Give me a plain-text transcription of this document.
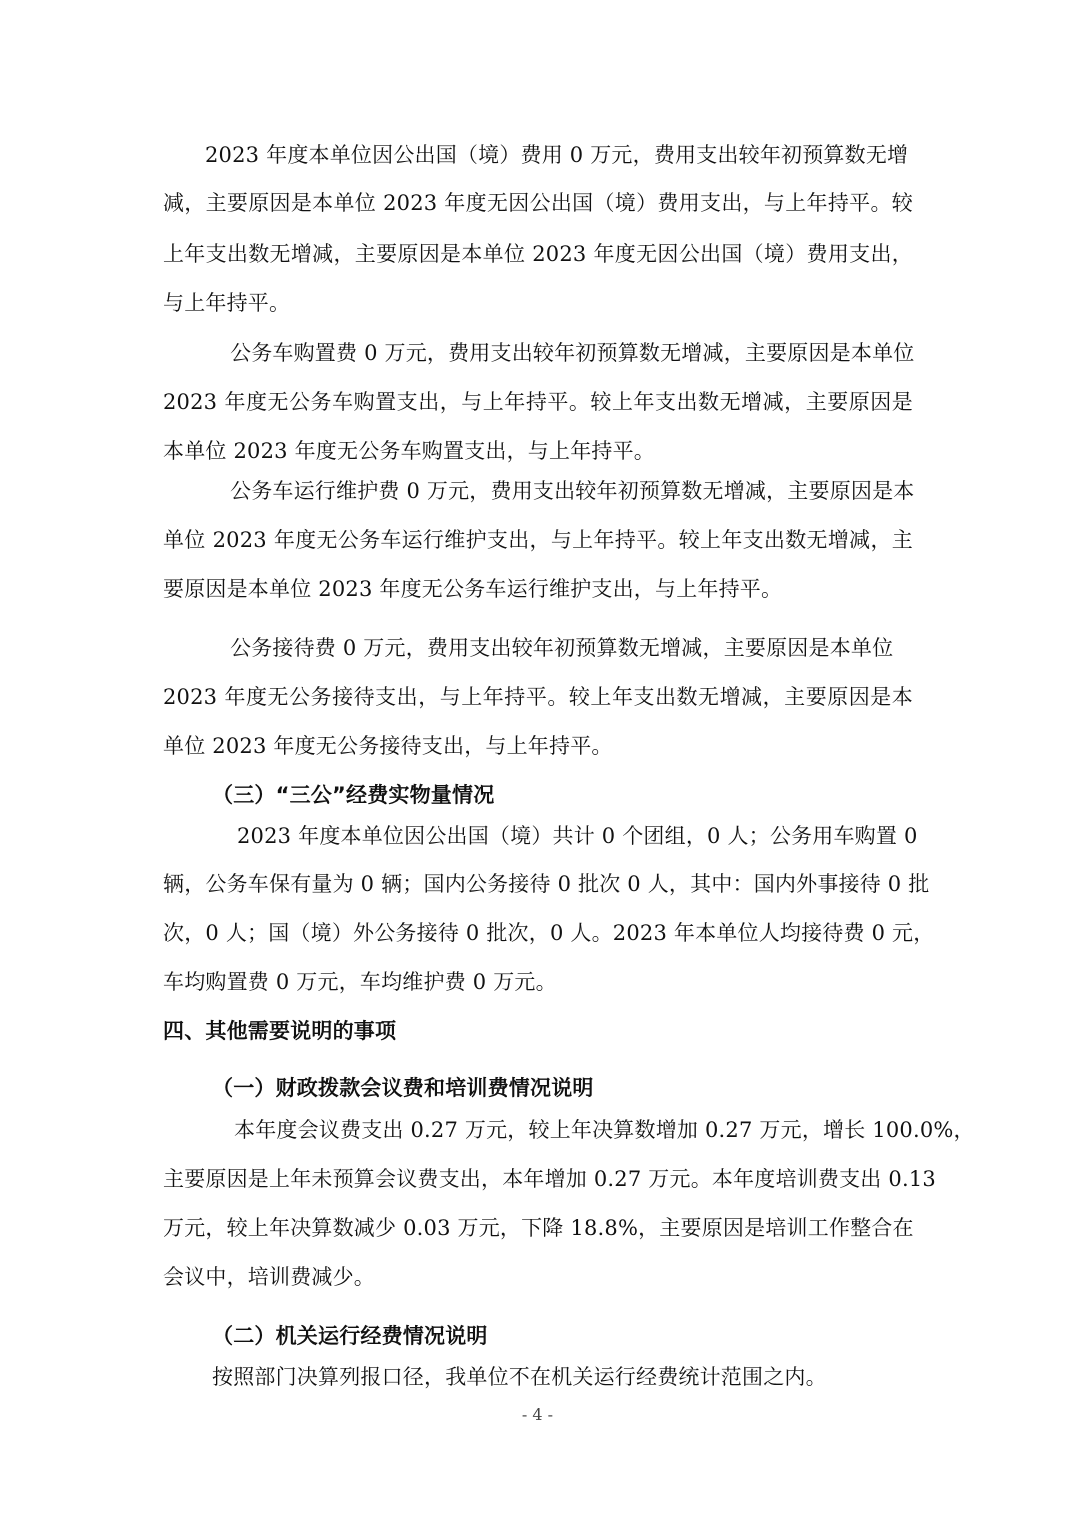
2023 年度本单位因公出国（境）费用 0 万元，费用支出较年初预算数无增
减，主要原因是本单位 2023 年度无因公出国（境）费用支出，与上年持平。较
上年支出数无增减，主要原因是本单位 2023 年度无因公出国（境）费用支出，
与上年持平。
公务车购置费 0 万元，费用支出较年初预算数无增减，主要原因是本单位
2023 年度无公务车购置支出，与上年持平。较上年支出数无增减，主要原因是
本单位 2023 年度无公务车购置支出，与上年持平。
公务车运行维护费 0 万元，费用支出较年初预算数无增减，主要原因是本
单位 2023 年度无公务车运行维护支出，与上年持平。较上年支出数无增减，主
要原因是本单位 2023 年度无公务车运行维护支出，与上年持平。
公务接待费 0 万元，费用支出较年初预算数无增减，主要原因是本单位
2023 年度无公务接待支出，与上年持平。较上年支出数无增减，主要原因是本
单位 2023 年度无公务接待支出，与上年持平。
（三）“三公”经费实物量情况
2023 年度本单位因公出国（境）共计 0 个团组，0 人；公务用车购置 0
辆，公务车保有量为 0 辆；国内公务接待 0 批次 0 人，其中：国内外事接待 0 批
次，0 人；国（境）外公务接待 0 批次，0 人。2023 年本单位人均接待费 0 元，
车均购置费 0 万元，车均维护费 0 万元。
四、其他需要说明的事项
（一）财政拨款会议费和培训费情况说明
本年度会议费支出 0.27 万元，较上年决算数增加 0.27 万元，增长 100.0%，
主要原因是上年未预算会议费支出，本年增加 0.27 万元。本年度培训费支出 0.13
万元，较上年决算数减少 0.03 万元，下降 18.8%，主要原因是培训工作整合在
会议中，培训费减少。
（二）机关运行经费情况说明
按照部门决算列报口径，我单位不在机关运行经费统计范围之内。
- 4 -
